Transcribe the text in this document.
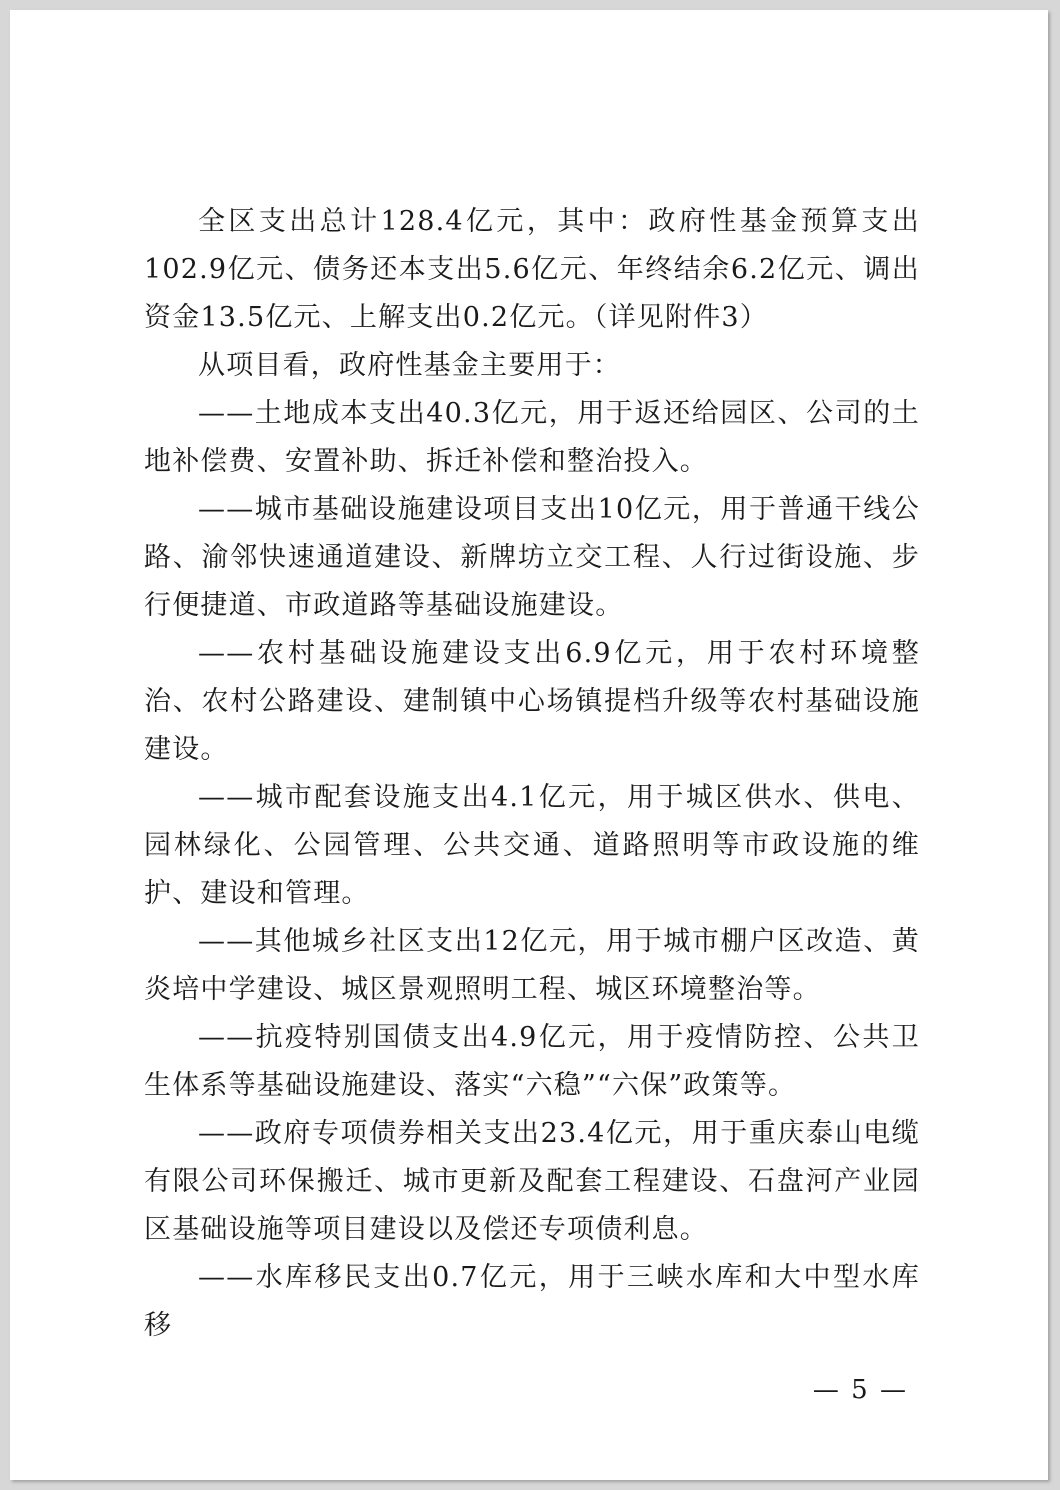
全区支出总计128.4亿元，其中：政府性基金预算支出102.9亿元、债务还本支出5.6亿元、年终结余6.2亿元、调出资金13.5亿元、上解支出0.2亿元。（详见附件3）

从项目看，政府性基金主要用于：

——土地成本支出40.3亿元，用于返还给园区、公司的土地补偿费、安置补助、拆迁补偿和整治投入。

——城市基础设施建设项目支出10亿元，用于普通干线公路、渝邻快速通道建设、新牌坊立交工程、人行过街设施、步行便捷道、市政道路等基础设施建设。

——农村基础设施建设支出6.9亿元，用于农村环境整治、农村公路建设、建制镇中心场镇提档升级等农村基础设施建设。

——城市配套设施支出4.1亿元，用于城区供水、供电、园林绿化、公园管理、公共交通、道路照明等市政设施的维护、建设和管理。

——其他城乡社区支出12亿元，用于城市棚户区改造、黄炎培中学建设、城区景观照明工程、城区环境整治等。

——抗疫特别国债支出4.9亿元，用于疫情防控、公共卫生体系等基础设施建设、落实“六稳”“六保”政策等。

——政府专项债券相关支出23.4亿元，用于重庆泰山电缆有限公司环保搬迁、城市更新及配套工程建设、石盘河产业园区基础设施等项目建设以及偿还专项债利息。

——水库移民支出0.7亿元，用于三峡水库和大中型水库移

— 5 —
